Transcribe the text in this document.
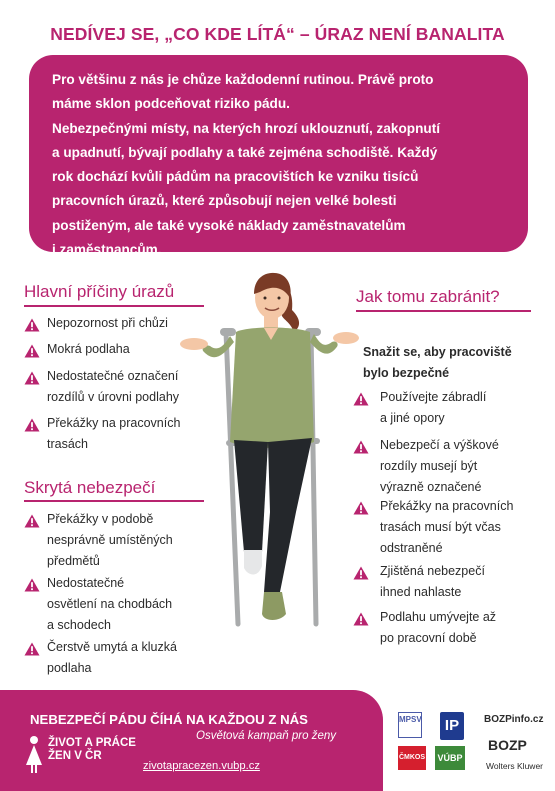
NEDÍVEJ SE, „CO KDE LÍTÁ“ – ÚRAZ NENÍ BANALITA

Pro většinu z nás je chůze každodenní rutinou. Právě proto

máme sklon podceňovat riziko pádu.

Nebezpečnými místy, na kterých hrozí uklouznutí, zakopnutí

a upadnutí, bývají podlahy a také zejména schodiště. Každý

rok dochází kvůli pádům na pracovištích ke vzniku tisíců

pracovních úrazů, které způsobují nejen velké bolesti

postiženým, ale také vysoké náklady zaměstnavatelům

i zaměstnancům.

Hlavní příčiny úrazů
Nepozornost při chůzi
Mokrá podlaha
Nedostatečné označení
rozdílů v úrovni podlahy
Překážky na pracovních
trasách
Skrytá nebezpečí
Překážky v podobě
nesprávně umístěných
předmětů
Nedostatečné
osvětlení na chodbách
a schodech
Čerstvě umytá a kluzká
podlaha
Jak tomu zabránit?
Snažit se, aby pracoviště
bylo bezpečné
Používejte zábradlí
a jiné opory
Nebezpečí a výškové
rozdíly musejí být
výrazně označené
Překážky na pracovních
trasách musí být včas
odstraněné
Zjištěná nebezpečí
ihned nahlaste
Podlahu umývejte až
po pracovní době
NEBEZPEČÍ PÁDU ČÍHÁ NA KAŽDOU Z NÁS
Osvětová kampaň pro ženy
ŽIVOT A PRÁCE
ŽEN V ČR
zivotapracezen.vubp.cz
MPSV	IP	BOZPinfo.cz
ČMKOS VÚBP
BOZP
Wolters Kluwer
